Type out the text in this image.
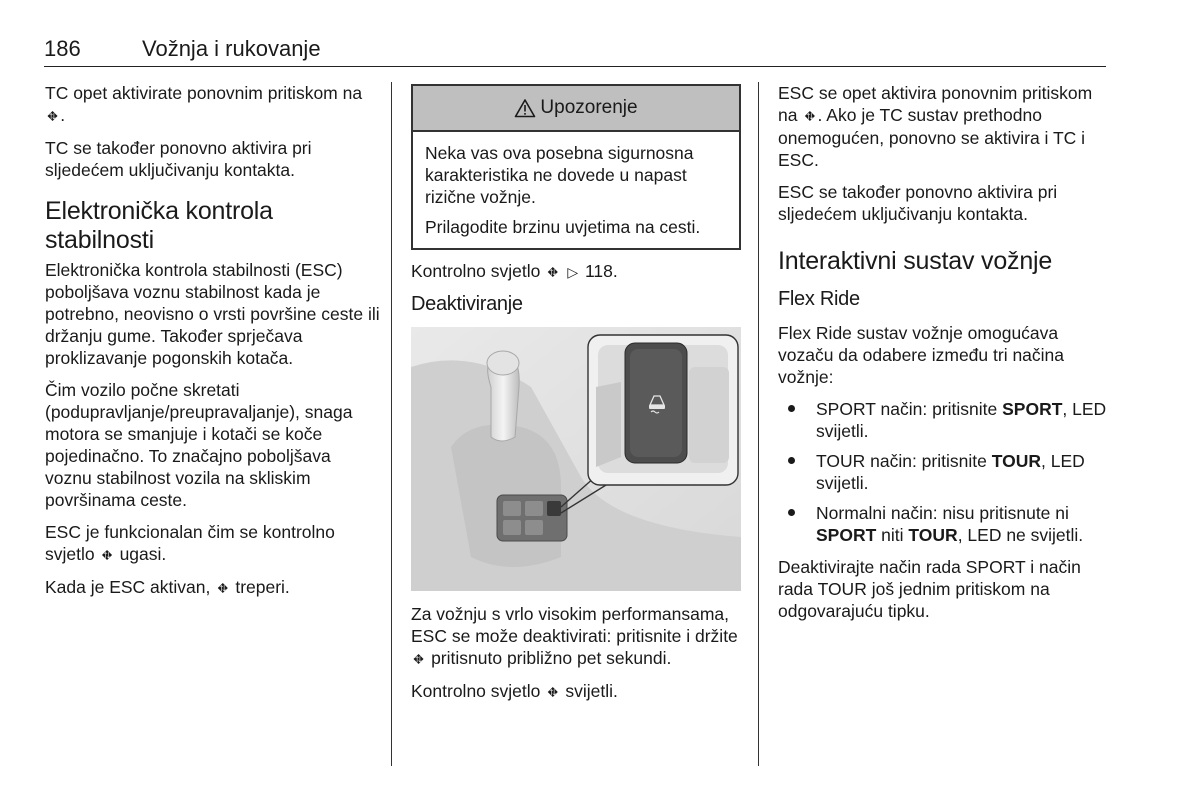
186	Vožnja i rukovanje

TC opet aktivirate ponovnim pritiskom na ⛖ .

TC se također ponovno aktivira pri sljedećem uključivanju kontakta.

Elektronička kontrola stabilnosti

Elektronička kontrola stabilnosti (ESC) poboljšava voznu stabilnost kada je potrebno, neovisno o vrsti površine ceste ili držanju gume. Također sprječava proklizavanje pogonskih kotača.

Čim vozilo počne skretati (podupravljanje/preupravaljanje), snaga motora se smanjuje i kotači se koče pojedinačno. To značajno poboljšava voznu stabilnost vozila na skliskim površinama ceste.

ESC je funkcionalan čim se kontrolno svjetlo ⛖ ugasi.

Kada je ESC aktivan, ⛖ treperi.

Upozorenje

Neka vas ova posebna sigurnosna karakteristika ne dovede u napast rizične vožnje.

Prilagodite brzinu uvjetima na cesti.

Kontrolno svjetlo ⛖ ▷ 118.

Deaktiviranje

Za vožnju s vrlo visokim performansama, ESC se može deaktivirati: pritisnite i držite ⛖ pritisnuto približno pet sekundi.

Kontrolno svjetlo ⛖ svijetli.

ESC se opet aktivira ponovnim pritiskom na ⛖ . Ako je TC sustav prethodno onemogućen, ponovno se aktivira i TC i ESC.

ESC se također ponovno aktivira pri sljedećem uključivanju kontakta.

Interaktivni sustav vožnje
Flex Ride

Flex Ride sustav vožnje omogućava vozaču da odabere između tri načina vožnje:

SPORT način: pritisnite SPORT, LED svijetli.
TOUR način: pritisnite TOUR, LED svijetli.
Normalni način: nisu pritisnute ni SPORT niti TOUR, LED ne svijetli.

Deaktivirajte način rada SPORT i način rada TOUR još jednim pritiskom na odgovarajuću tipku.
